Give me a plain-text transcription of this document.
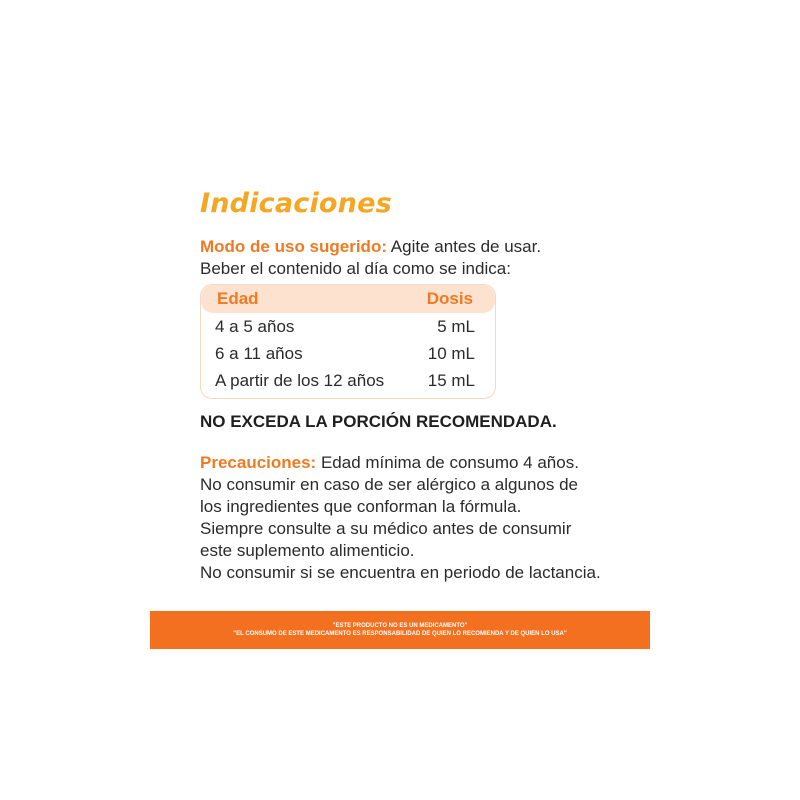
Indicaciones

Modo de uso sugerido: Agite antes de usar.

Beber el contenido al día como se indica:

Edad	Dosis
4 a 5 años	5 mL
6 a 11 años	10 mL
A partir de los 12 años	15 mL

NO EXCEDA LA PORCIÓN RECOMENDADA.

Precauciones: Edad mínima de consumo 4 años.

No consumir en caso de ser alérgico a algunos de

los ingredientes que conforman la fórmula.

Siempre consulte a su médico antes de consumir

este suplemento alimenticio.

No consumir si se encuentra en periodo de lactancia.

"ESTE PRODUCTO NO ES UN MEDICAMENTO"
"EL CONSUMO DE ESTE MEDICAMENTO ES RESPONSABILIDAD DE QUIEN LO RECOMIENDA Y DE QUIEN LO USA"
